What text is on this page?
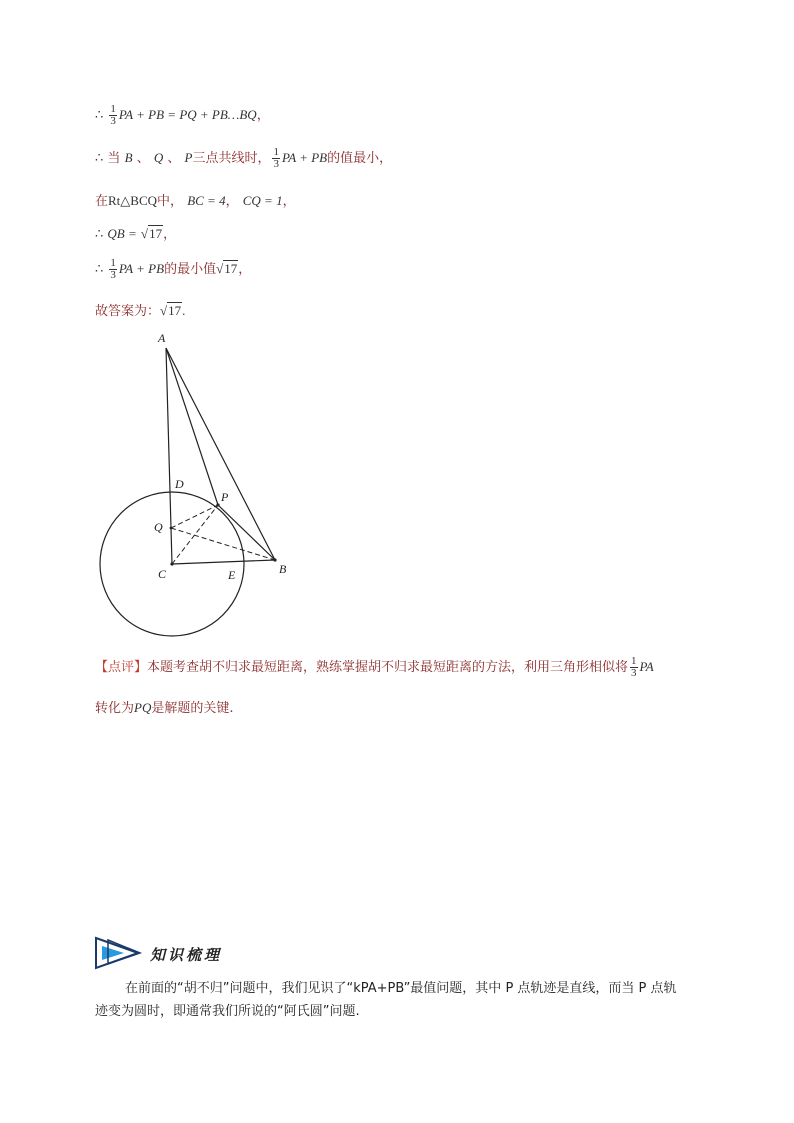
∴ $\frac{1}{3}$ PA + PB = PQ + PB…BQ，
∴ 当 B 、 Q 、 P三点共线时， $\frac{1}{3}$ PA + PB的值最小，
在Rt△BCQ中， BC = 4， CQ = 1，
∴ QB = √17，
∴ $\frac{1}{3}$ PA + PB的最小值√17，
故答案为：√17.
A
D
P
Q
C	E	B
【点评】本题考查胡不归求最短距离，熟练掌握胡不归求最短距离的方法，利用三角形相似将 $\frac{1}{3}$ PA
转化为PQ是解题的关键.
知识梳理
在前面的“胡不归”问题中，我们见识了“kPA+PB”最值问题，其中 P 点轨迹是直线，而当 P 点轨
迹变为圆时，即通常我们所说的“阿氏圆”问题.
